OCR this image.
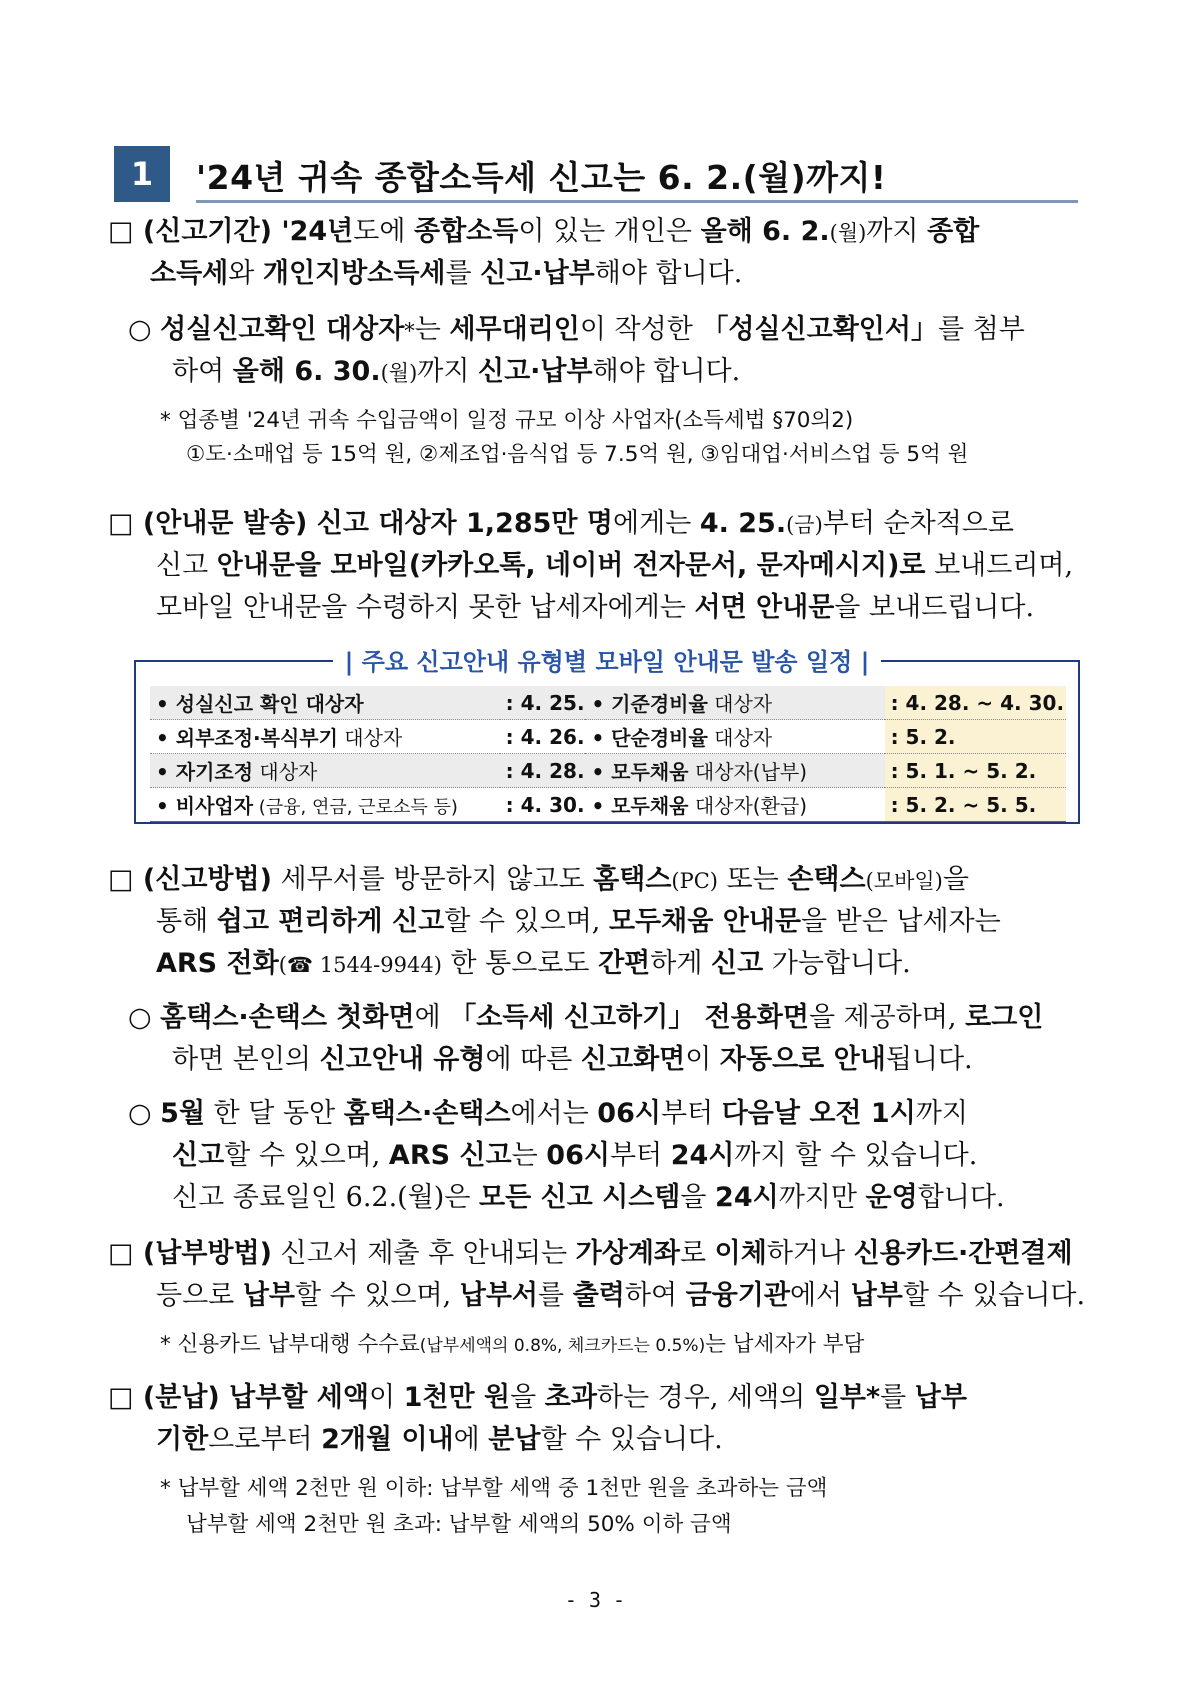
1	'24년 귀속 종합소득세 신고는 6. 2.(월)까지!
□ (신고기간) '24년도에 종합소득이 있는 개인은 올해 6. 2.(월)까지 종합
소득세와 개인지방소득세를 신고·납부해야 합니다.
○ 성실신고확인 대상자*는 세무대리인이 작성한 「성실신고확인서」를 첨부
하여 올해 6. 30.(월)까지 신고·납부해야 합니다.
* 업종별 '24년 귀속 수입금액이 일정 규모 이상 사업자(소득세법 §70의2)
①도·소매업 등 15억 원, ②제조업·음식업 등 7.5억 원, ③임대업·서비스업 등 5억 원
□ (안내문 발송) 신고 대상자 1,285만 명에게는 4. 25.(금)부터 순차적으로
신고 안내문을 모바일(카카오톡, 네이버 전자문서, 문자메시지)로 보내드리며,
모바일 안내문을 수령하지 못한 납세자에게는 서면 안내문을 보내드립니다.
| 주요 신고안내 유형별 모바일 안내문 발송 일정 |
• 성실신고 확인 대상자	: 4. 25.	• 기준경비율 대상자	: 4. 28. ~ 4. 30.
• 외부조정·복식부기 대상자	: 4. 26.	• 단순경비율 대상자	: 5. 2.
• 자기조정 대상자	: 4. 28.	• 모두채움 대상자(납부)	: 5. 1. ~ 5. 2.
• 비사업자 (금융, 연금, 근로소득 등)	: 4. 30.	• 모두채움 대상자(환급)	: 5. 2. ~ 5. 5.
□ (신고방법) 세무서를 방문하지 않고도 홈택스(PC) 또는 손택스(모바일)을
통해 쉽고 편리하게 신고할 수 있으며, 모두채움 안내문을 받은 납세자는
ARS 전화(☎ 1544-9944) 한 통으로도 간편하게 신고 가능합니다.
○ 홈택스·손택스 첫화면에 「소득세 신고하기」 전용화면을 제공하며, 로그인
하면 본인의 신고안내 유형에 따른 신고화면이 자동으로 안내됩니다.
○ 5월 한 달 동안 홈택스·손택스에서는 06시부터 다음날 오전 1시까지
신고할 수 있으며, ARS 신고는 06시부터 24시까지 할 수 있습니다.
신고 종료일인 6.2.(월)은 모든 신고 시스템을 24시까지만 운영합니다.
□ (납부방법) 신고서 제출 후 안내되는 가상계좌로 이체하거나 신용카드·간편결제
등으로 납부할 수 있으며, 납부서를 출력하여 금융기관에서 납부할 수 있습니다.
* 신용카드 납부대행 수수료(납부세액의 0.8%, 체크카드는 0.5%)는 납세자가 부담
□ (분납) 납부할 세액이 1천만 원을 초과하는 경우, 세액의 일부*를 납부
기한으로부터 2개월 이내에 분납할 수 있습니다.
* 납부할 세액 2천만 원 이하: 납부할 세액 중 1천만 원을 초과하는 금액
납부할 세액 2천만 원 초과: 납부할 세액의 50% 이하 금액
- 3 -
